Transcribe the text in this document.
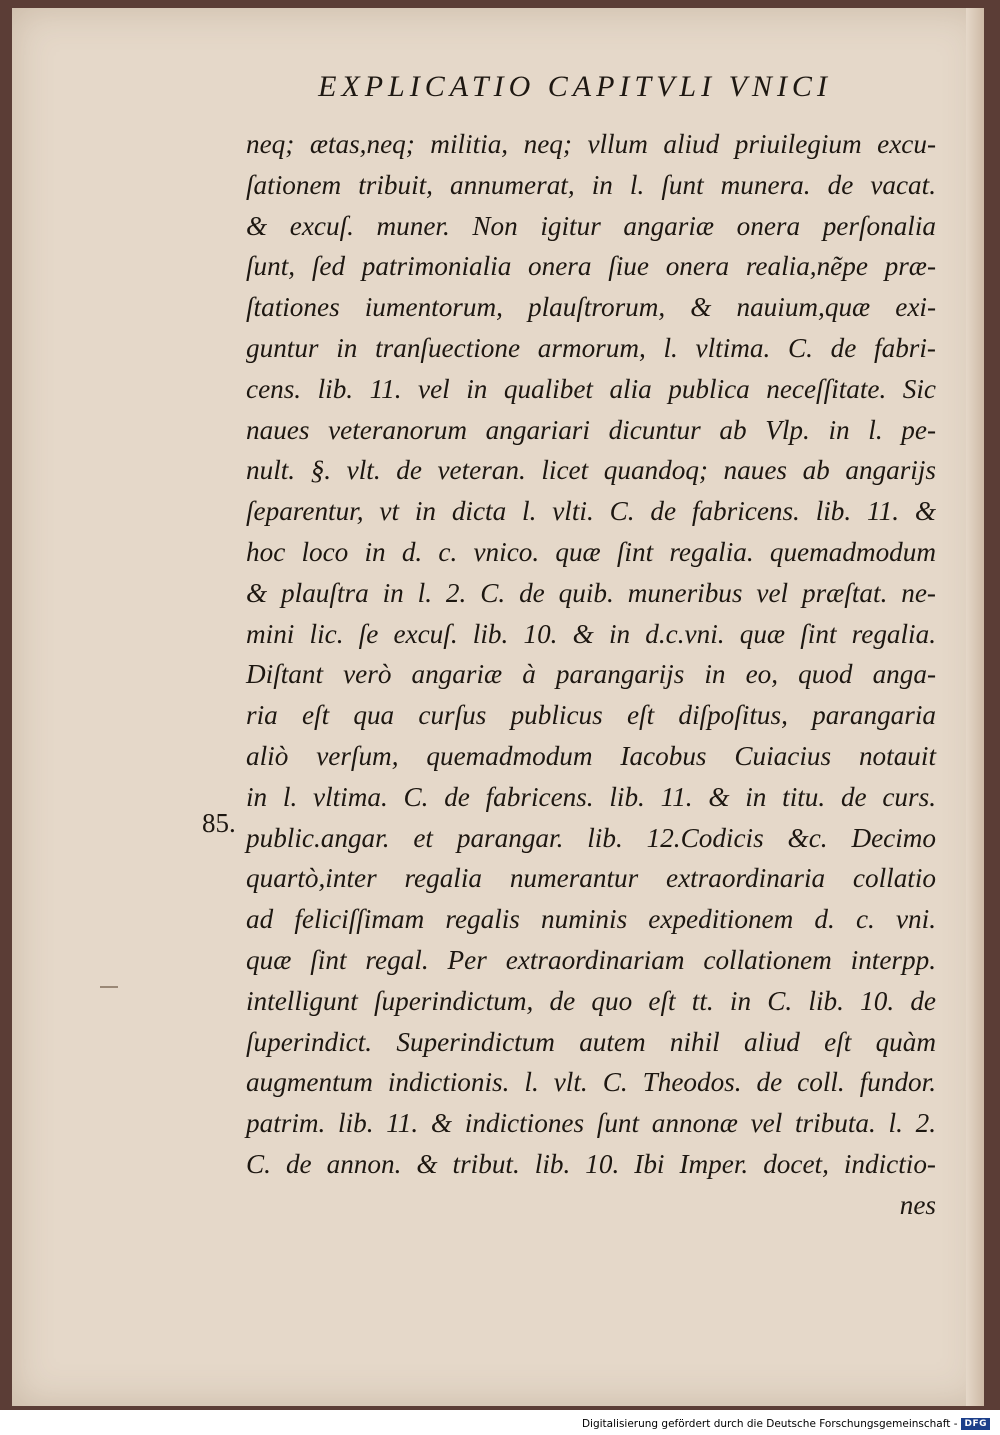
EXPLICATIO CAPITVLI VNICI
85.
neq; ætas,neq; militia, neq; vllum aliud priuilegium excu-
ſationem tribuit, annumerat, in l. ſunt munera. de vacat.
& excuſ. muner. Non igitur angariæ onera perſonalia
ſunt, ſed patrimonialia onera ſiue onera realia,nẽpe præ-
ſtationes iumentorum, plauſtrorum, & nauium,quæ exi-
guntur in tranſuectione armorum, l. vltima. C. de fabri-
cens. lib. 11. vel in qualibet alia publica neceſſitate. Sic
naues veteranorum angariari dicuntur ab Vlp. in l. pe-
nult. §. vlt. de veteran. licet quandoq; naues ab angarijs
ſeparentur, vt in dicta l. vlti. C. de fabricens. lib. 11. &
hoc loco in d. c. vnico. quæ ſint regalia. quemadmodum
& plauſtra in l. 2. C. de quib. muneribus vel præſtat. ne-
mini lic. ſe excuſ. lib. 10. & in d.c.vni. quæ ſint regalia.
Diſtant verò angariæ à parangarijs in eo, quod anga-
ria eſt qua curſus publicus eſt diſpoſitus, parangaria
aliò verſum, quemadmodum Iacobus Cuiacius notauit
in l. vltima. C. de fabricens. lib. 11. & in titu. de curs.
public.angar. et parangar. lib. 12.Codicis &c. Decimo
quartò,inter regalia numerantur extraordinaria collatio
ad feliciſſimam regalis numinis expeditionem d. c. vni.
quæ ſint regal. Per extraordinariam collationem interpp.
intelligunt ſuperindictum, de quo eſt tt. in C. lib. 10. de
ſuperindict. Superindictum autem nihil aliud eſt quàm
augmentum indictionis. l. vlt. C. Theodos. de coll. fundor.
patrim. lib. 11. & indictiones ſunt annonæ vel tributa. l. 2.
C. de annon. & tribut. lib. 10. Ibi Imper. docet, indictio-
nes
Digitalisierung gefördert durch die Deutsche Forschungsgemeinschaft - DFG
